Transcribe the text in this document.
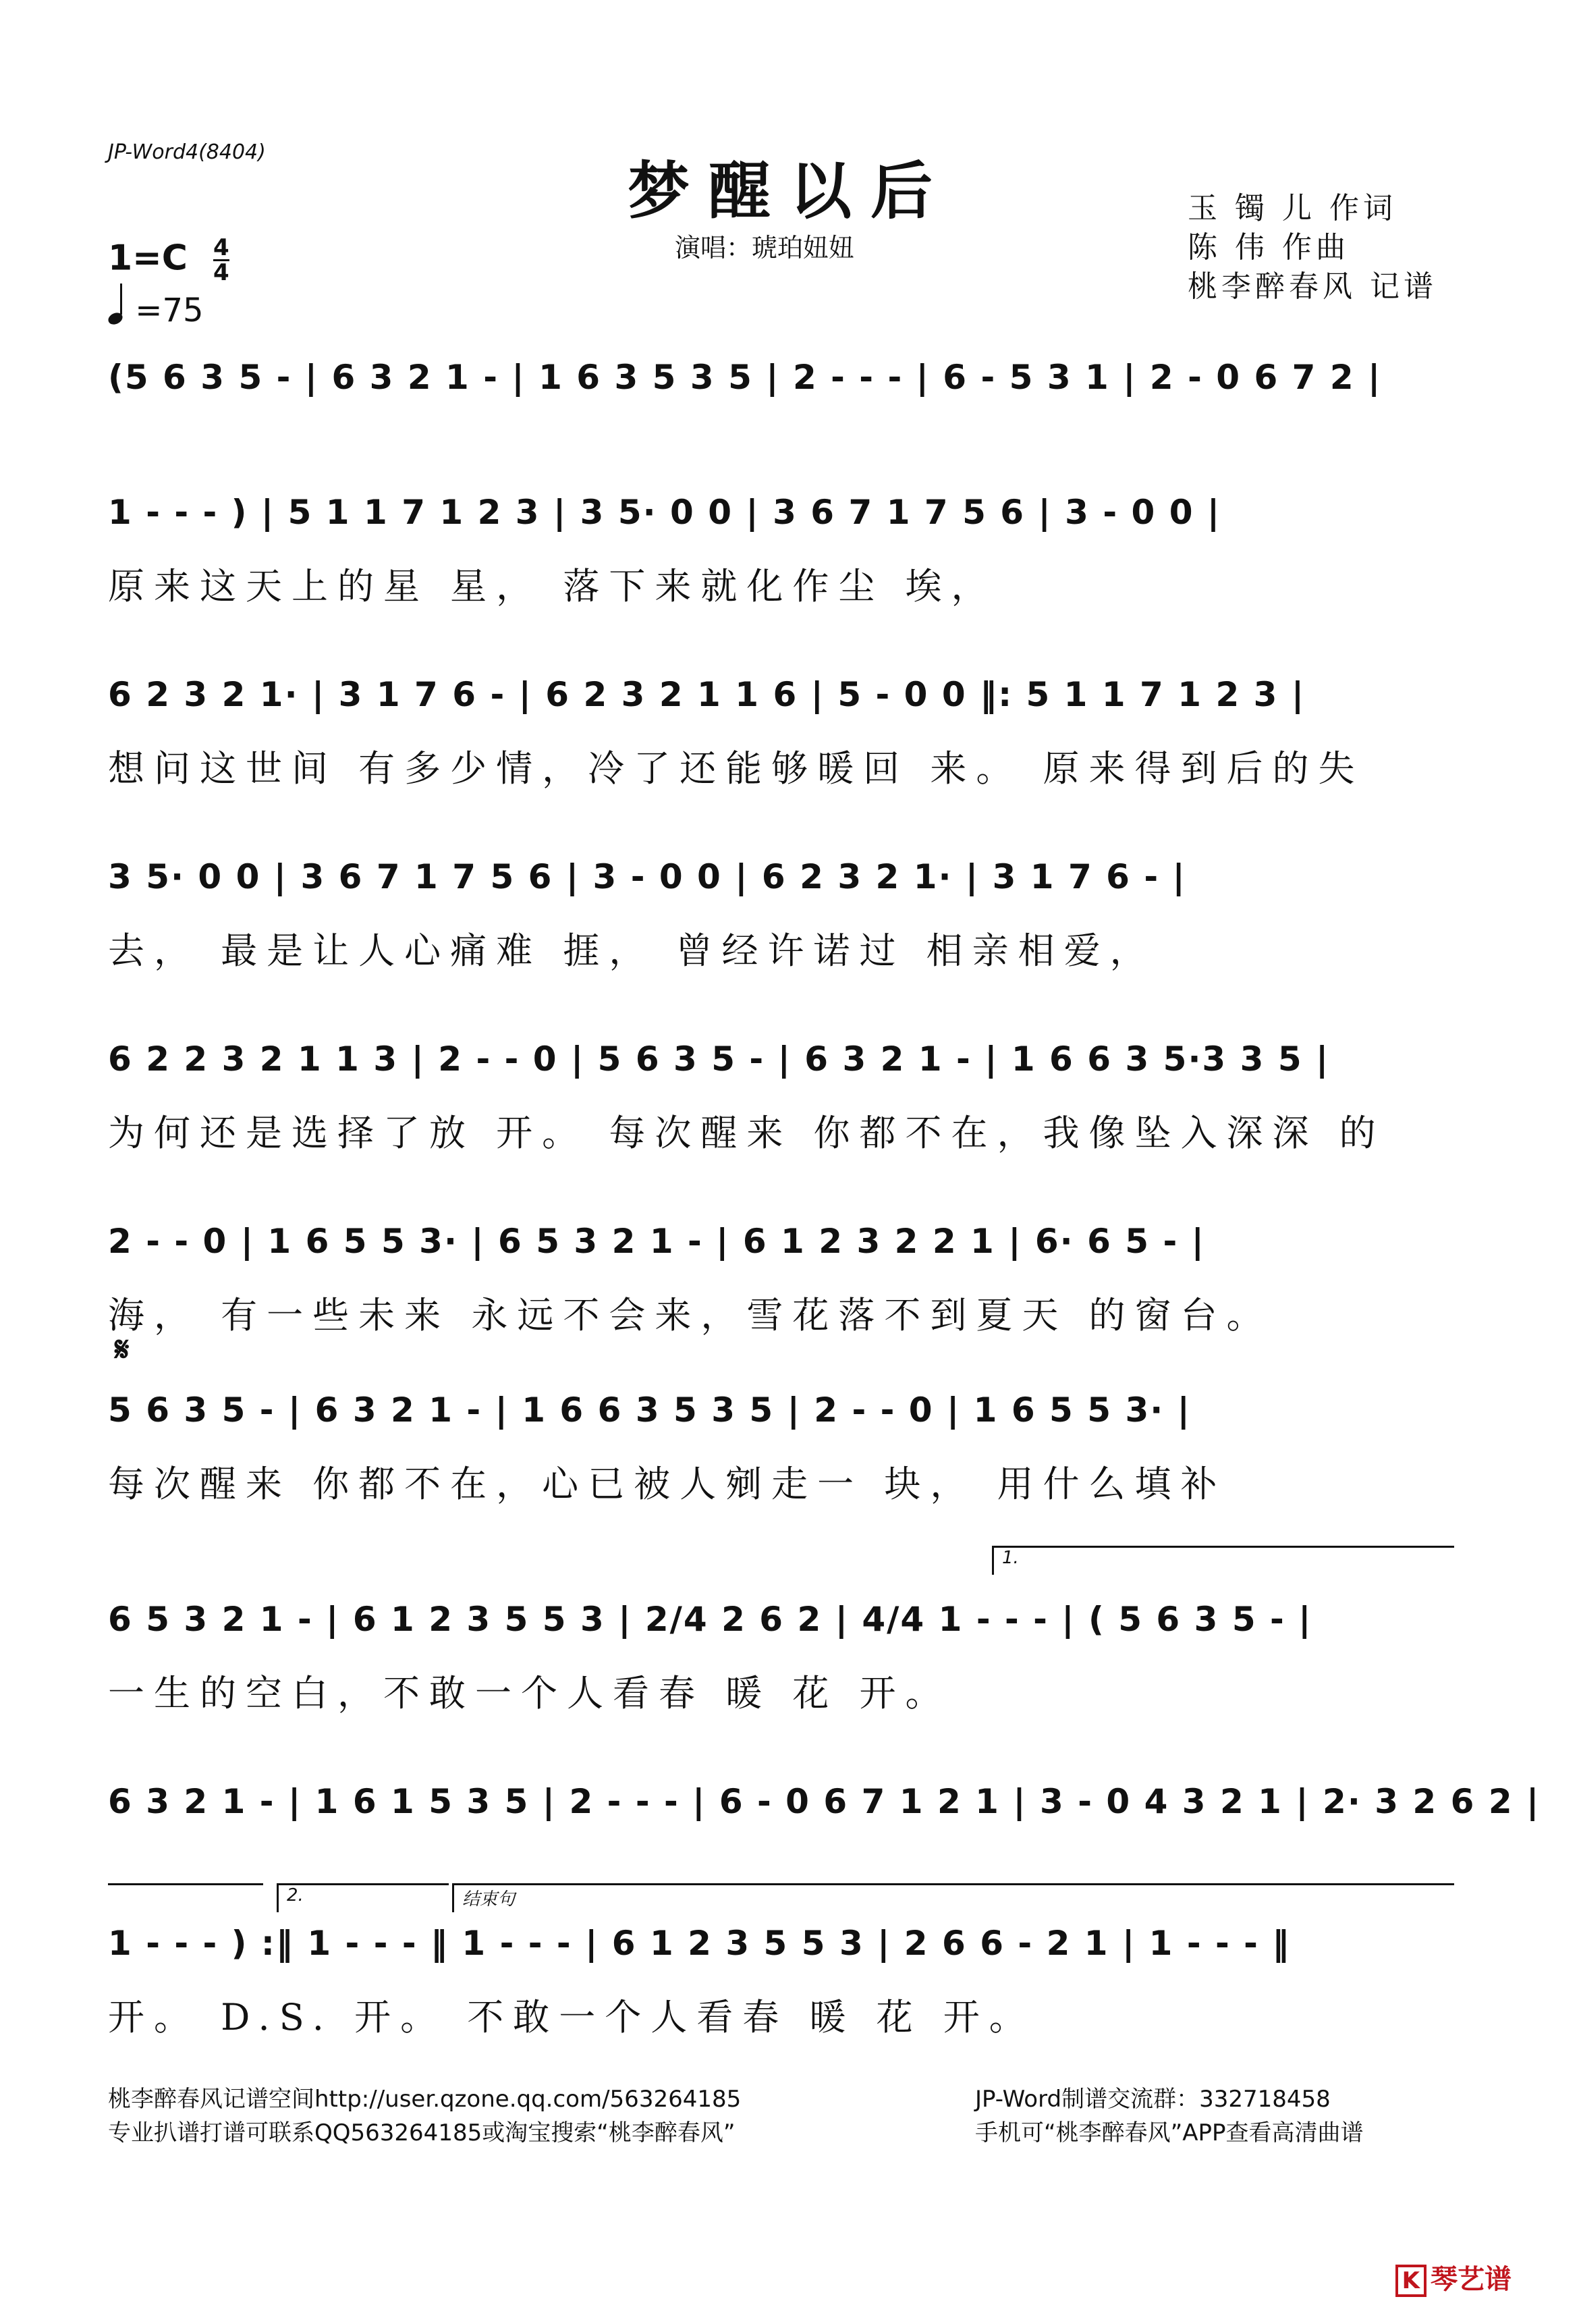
JP-Word4(8404)
梦醒以后
演唱：琥珀妞妞
玉 镯 儿 作词
陈 伟 作曲
桃李醉春风 记谱
$1=C \frac{4}{4}$
=75
(5 6 3 5 - | 6 3 2 1 - | 1 6 3 5 3 5 | 2 - - - | 6 - 5 3 1 | 2 - 0 6 7 2 |
1 - - - ) | 5 1 1 7 1 2 3 | 3 5· 0 0 | 3 6 7 1 7 5 6 | 3 - 0 0 |
原来这天上的星 星， 落下来就化作尘 埃，
6 2 3 2 1· | 3 1 7 6 - | 6 2 3 2 1 1 6 | 5 - 0 0 ‖: 5 1 1 7 1 2 3 |
想问这世间 有多少情，冷了还能够暖回 来。 原来得到后的失
3 5· 0 0 | 3 6 7 1 7 5 6 | 3 - 0 0 | 6 2 3 2 1· | 3 1 7 6 - |
去， 最是让人心痛难 捱， 曾经许诺过 相亲相爱，
6 2 2 3 2 1 1 3 | 2 - - 0 | 5 6 3 5 - | 6 3 2 1 - | 1 6 6 3 5·3 3 5 |
为何还是选择了放 开。 每次醒来 你都不在，我像坠入深深 的
2 - - 0 | 1 6 5 5 3· | 6 5 3 2 1 - | 6 1 2 3 2 2 1 | 6· 6 5 - |
海， 有一些未来 永远不会来，雪花落不到夏天 的窗台。
𝄋
5 6 3 5 - | 6 3 2 1 - | 1 6 6 3 5 3 5 | 2 - - 0 | 1 6 5 5 3· |
每次醒来 你都不在，心已被人剜走一 块， 用什么填补
1.
6 5 3 2 1 - | 6 1 2 3 5 5 3 | 2/4 2 6 2 | 4/4 1 - - - | ( 5 6 3 5 - |
一生的空白，不敢一个人看春 暖 花 开。
6 3 2 1 - | 1 6 1 5 3 5 | 2 - - - | 6 - 0 6 7 1 2 1 | 3 - 0 4 3 2 1 | 2· 3 2 6 2 |
2.	结束句
1 - - - ) :‖ 1 - - - ‖ 1 - - - | 6 1 2 3 5 5 3 | 2 6 6 - 2 1 | 1 - - - ‖
开。 D.S. 开。 不敢一个人看春 暖 花 开。
桃李醉春风记谱空间http://user.qzone.qq.com/563264185
专业扒谱打谱可联系QQ563264185或淘宝搜索“桃李醉春风”
JP-Word制谱交流群：332718458
手机可“桃李醉春风”APP查看高清曲谱
K 琴艺谱
